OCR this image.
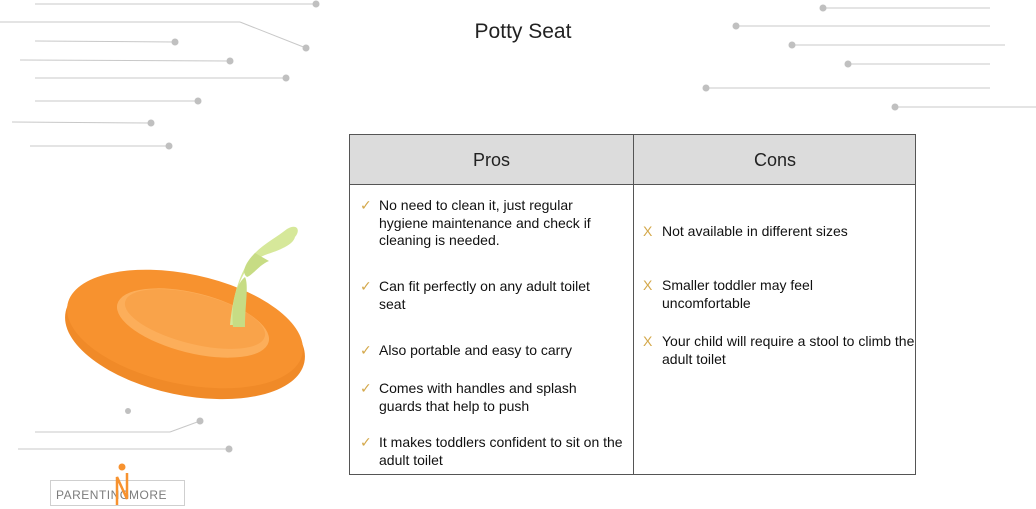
Potty Seat
Pros	Cons
✓ No need to clean it, just regular hygiene maintenance and check if cleaning is needed.
✓ Can fit perfectly on any adult toilet seat
✓ Also portable and easy to carry
✓ Comes with handles and splash guards that help to push
✓ It makes toddlers confident to sit on the adult toilet
X Not available in different sizes
X Smaller toddler may feel uncomfortable
X Your child will require a stool to climb the adult toilet
PARENTING MORE
